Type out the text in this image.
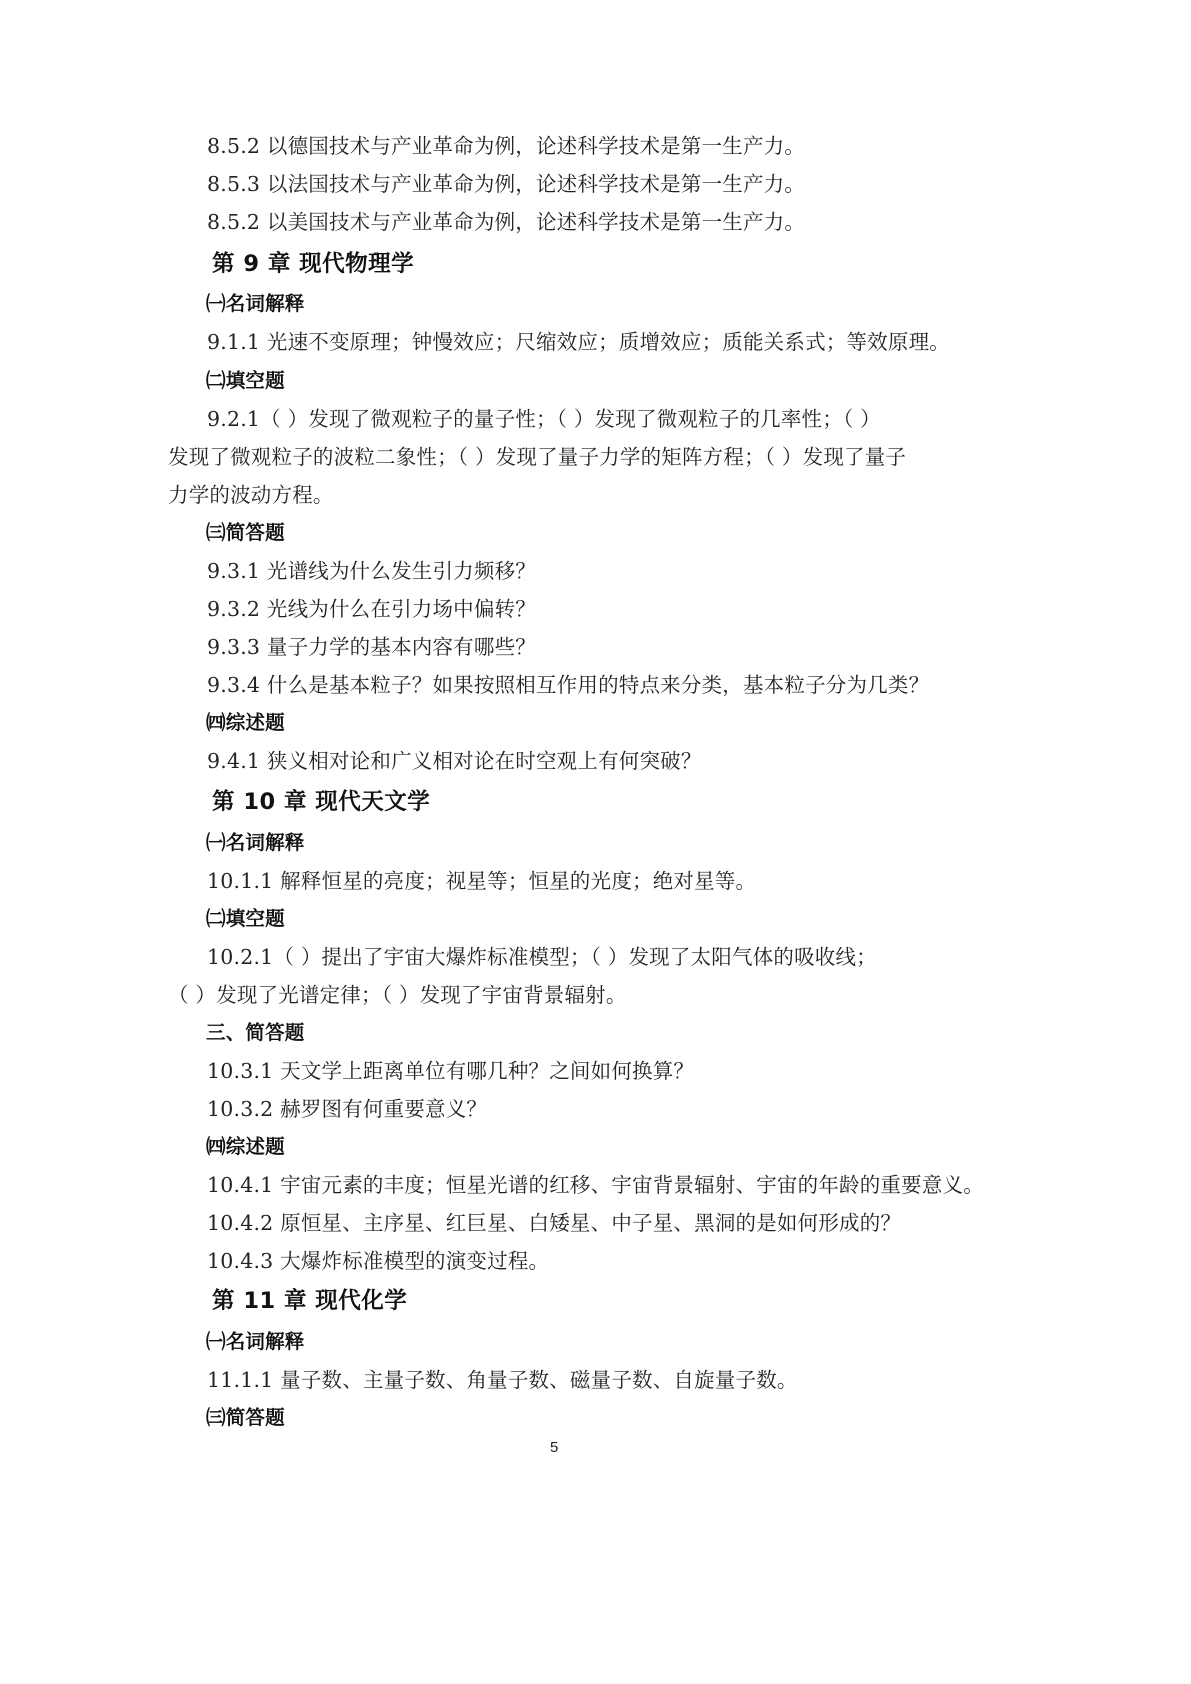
8.5.2 以德国技术与产业革命为例，论述科学技术是第一生产力。
8.5.3 以法国技术与产业革命为例，论述科学技术是第一生产力。
8.5.2 以美国技术与产业革命为例，论述科学技术是第一生产力。
第 9 章 现代物理学
㈠名词解释
9.1.1 光速不变原理；钟慢效应；尺缩效应；质增效应；质能关系式；等效原理。
㈡填空题
9.2.1（ ）发现了微观粒子的量子性；（ ）发现了微观粒子的几率性；（ ）
发现了微观粒子的波粒二象性；（ ）发现了量子力学的矩阵方程；（ ）发现了量子
力学的波动方程。
㈢简答题
9.3.1 光谱线为什么发生引力频移？
9.3.2 光线为什么在引力场中偏转？
9.3.3 量子力学的基本内容有哪些？
9.3.4 什么是基本粒子？如果按照相互作用的特点来分类，基本粒子分为几类？
㈣综述题
9.4.1 狭义相对论和广义相对论在时空观上有何突破？
第 10 章 现代天文学
㈠名词解释
10.1.1 解释恒星的亮度；视星等；恒星的光度；绝对星等。
㈡填空题
10.2.1（ ）提出了宇宙大爆炸标准模型；（ ）发现了太阳气体的吸收线；
（ ）发现了光谱定律；（ ）发现了宇宙背景辐射。
三、简答题
10.3.1 天文学上距离单位有哪几种？之间如何换算？
10.3.2 赫罗图有何重要意义？
㈣综述题
10.4.1 宇宙元素的丰度；恒星光谱的红移、宇宙背景辐射、宇宙的年龄的重要意义。
10.4.2 原恒星、主序星、红巨星、白矮星、中子星、黑洞的是如何形成的？
10.4.3 大爆炸标准模型的演变过程。
第 11 章 现代化学
㈠名词解释
11.1.1 量子数、主量子数、角量子数、磁量子数、自旋量子数。
㈢简答题
5
